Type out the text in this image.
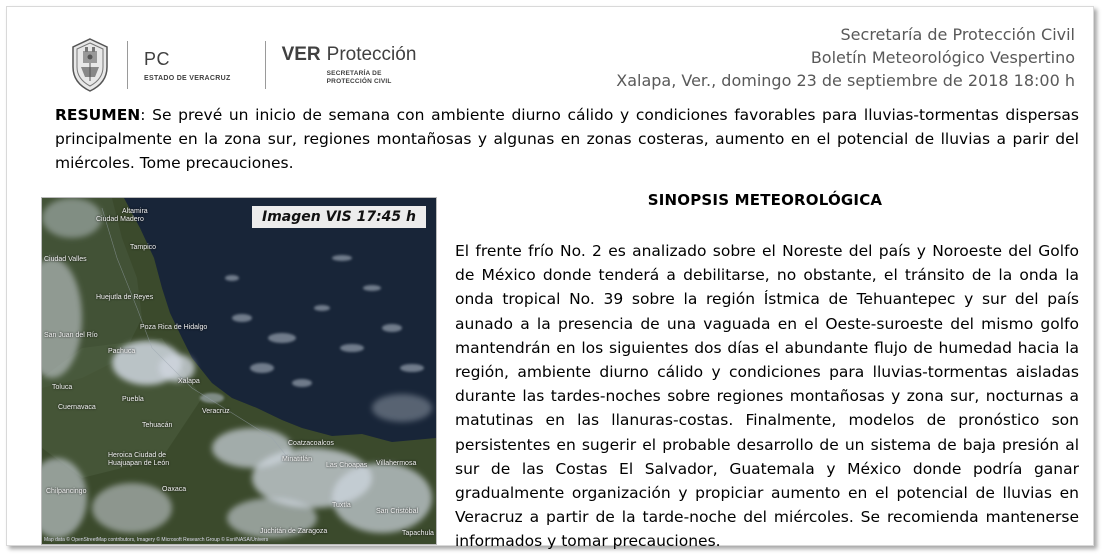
PC
ESTADO DE VERACRUZ
VER Protección
SECRETARÍA DE
PROTECCIÓN CIVIL
Secretaría de Protección Civil
Boletín Meteorológico Vespertino
Xalapa, Ver., domingo 23 de septiembre de 2018 18:00 h
RESUMEN: Se prevé un inicio de semana con ambiente diurno cálido y condiciones favorables para lluvias-tormentas dispersas principalmente en la zona sur, regiones montañosas y algunas en zonas costeras, aumento en el potencial de lluvias a parir del miércoles. Tome precauciones.
Ciudad Madero
Altamira
Tampico
Ciudad Valles
Huejutla de Reyes
Poza Rica de Hidalgo
San Juan del Río
Pachuca
Xalapa
Veracruz
Toluca
Cuernavaca
Puebla
Tehuacán
Heroica Ciudad de Huajuapan de León
Chilpancingo	Oaxaca
Coatzacoalcos
Las Choapas Villahermosa
San Cristóbal
Tuxtla
Juchitán de Zaragoza	Tapachula
Minatitlán
Imagen VIS 17:45 h
Map data © OpenStreetMap contributors, Imagery © Microsoft Research Group © Esri/NASA/Univers
SINOPSIS METEOROLÓGICA
El frente frío No. 2 es analizado sobre el Noreste del país y Noroeste del Golfo de México donde tenderá a debilitarse, no obstante, el tránsito de la onda la onda tropical No. 39 sobre la región Ístmica de Tehuantepec y sur del país aunado a la presencia de una vaguada en el Oeste-suroeste del mismo golfo mantendrán en los siguientes dos días el abundante flujo de humedad hacia la región, ambiente diurno cálido y condiciones para lluvias-tormentas aisladas durante las tardes-noches sobre regiones montañosas y zona sur, nocturnas a matutinas en las llanuras-costas. Finalmente, modelos de pronóstico son persistentes en sugerir el probable desarrollo de un sistema de baja presión al sur de las Costas El Salvador, Guatemala y México donde podría ganar gradualmente organización y propiciar aumento en el potencial de lluvias en Veracruz a partir de la tarde-noche del miércoles. Se recomienda mantenerse informados y tomar precauciones.
